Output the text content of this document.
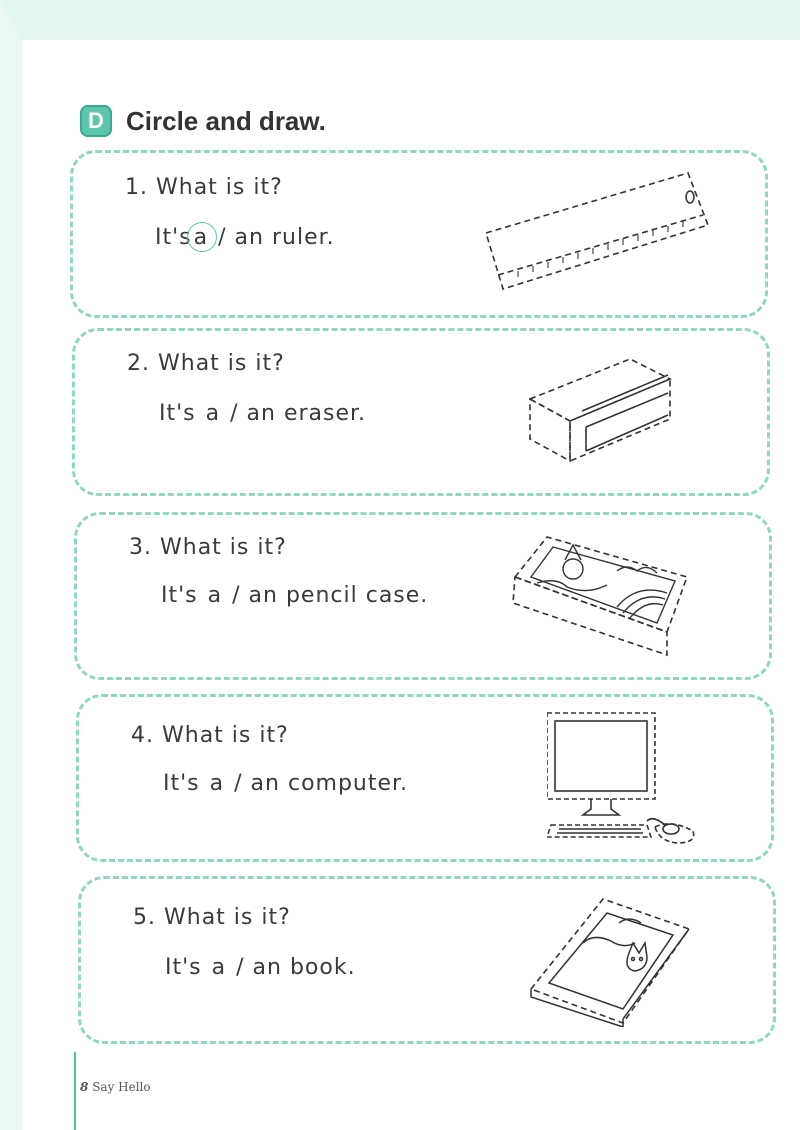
D Circle and draw.
1. What is it?
It'sa / an ruler.
2. What is it?
It's a / an eraser.
3. What is it?
It's a / an pencil case.
4. What is it?
It's a / an computer.
5. What is it?
It's a / an book.
8 Say Hello
